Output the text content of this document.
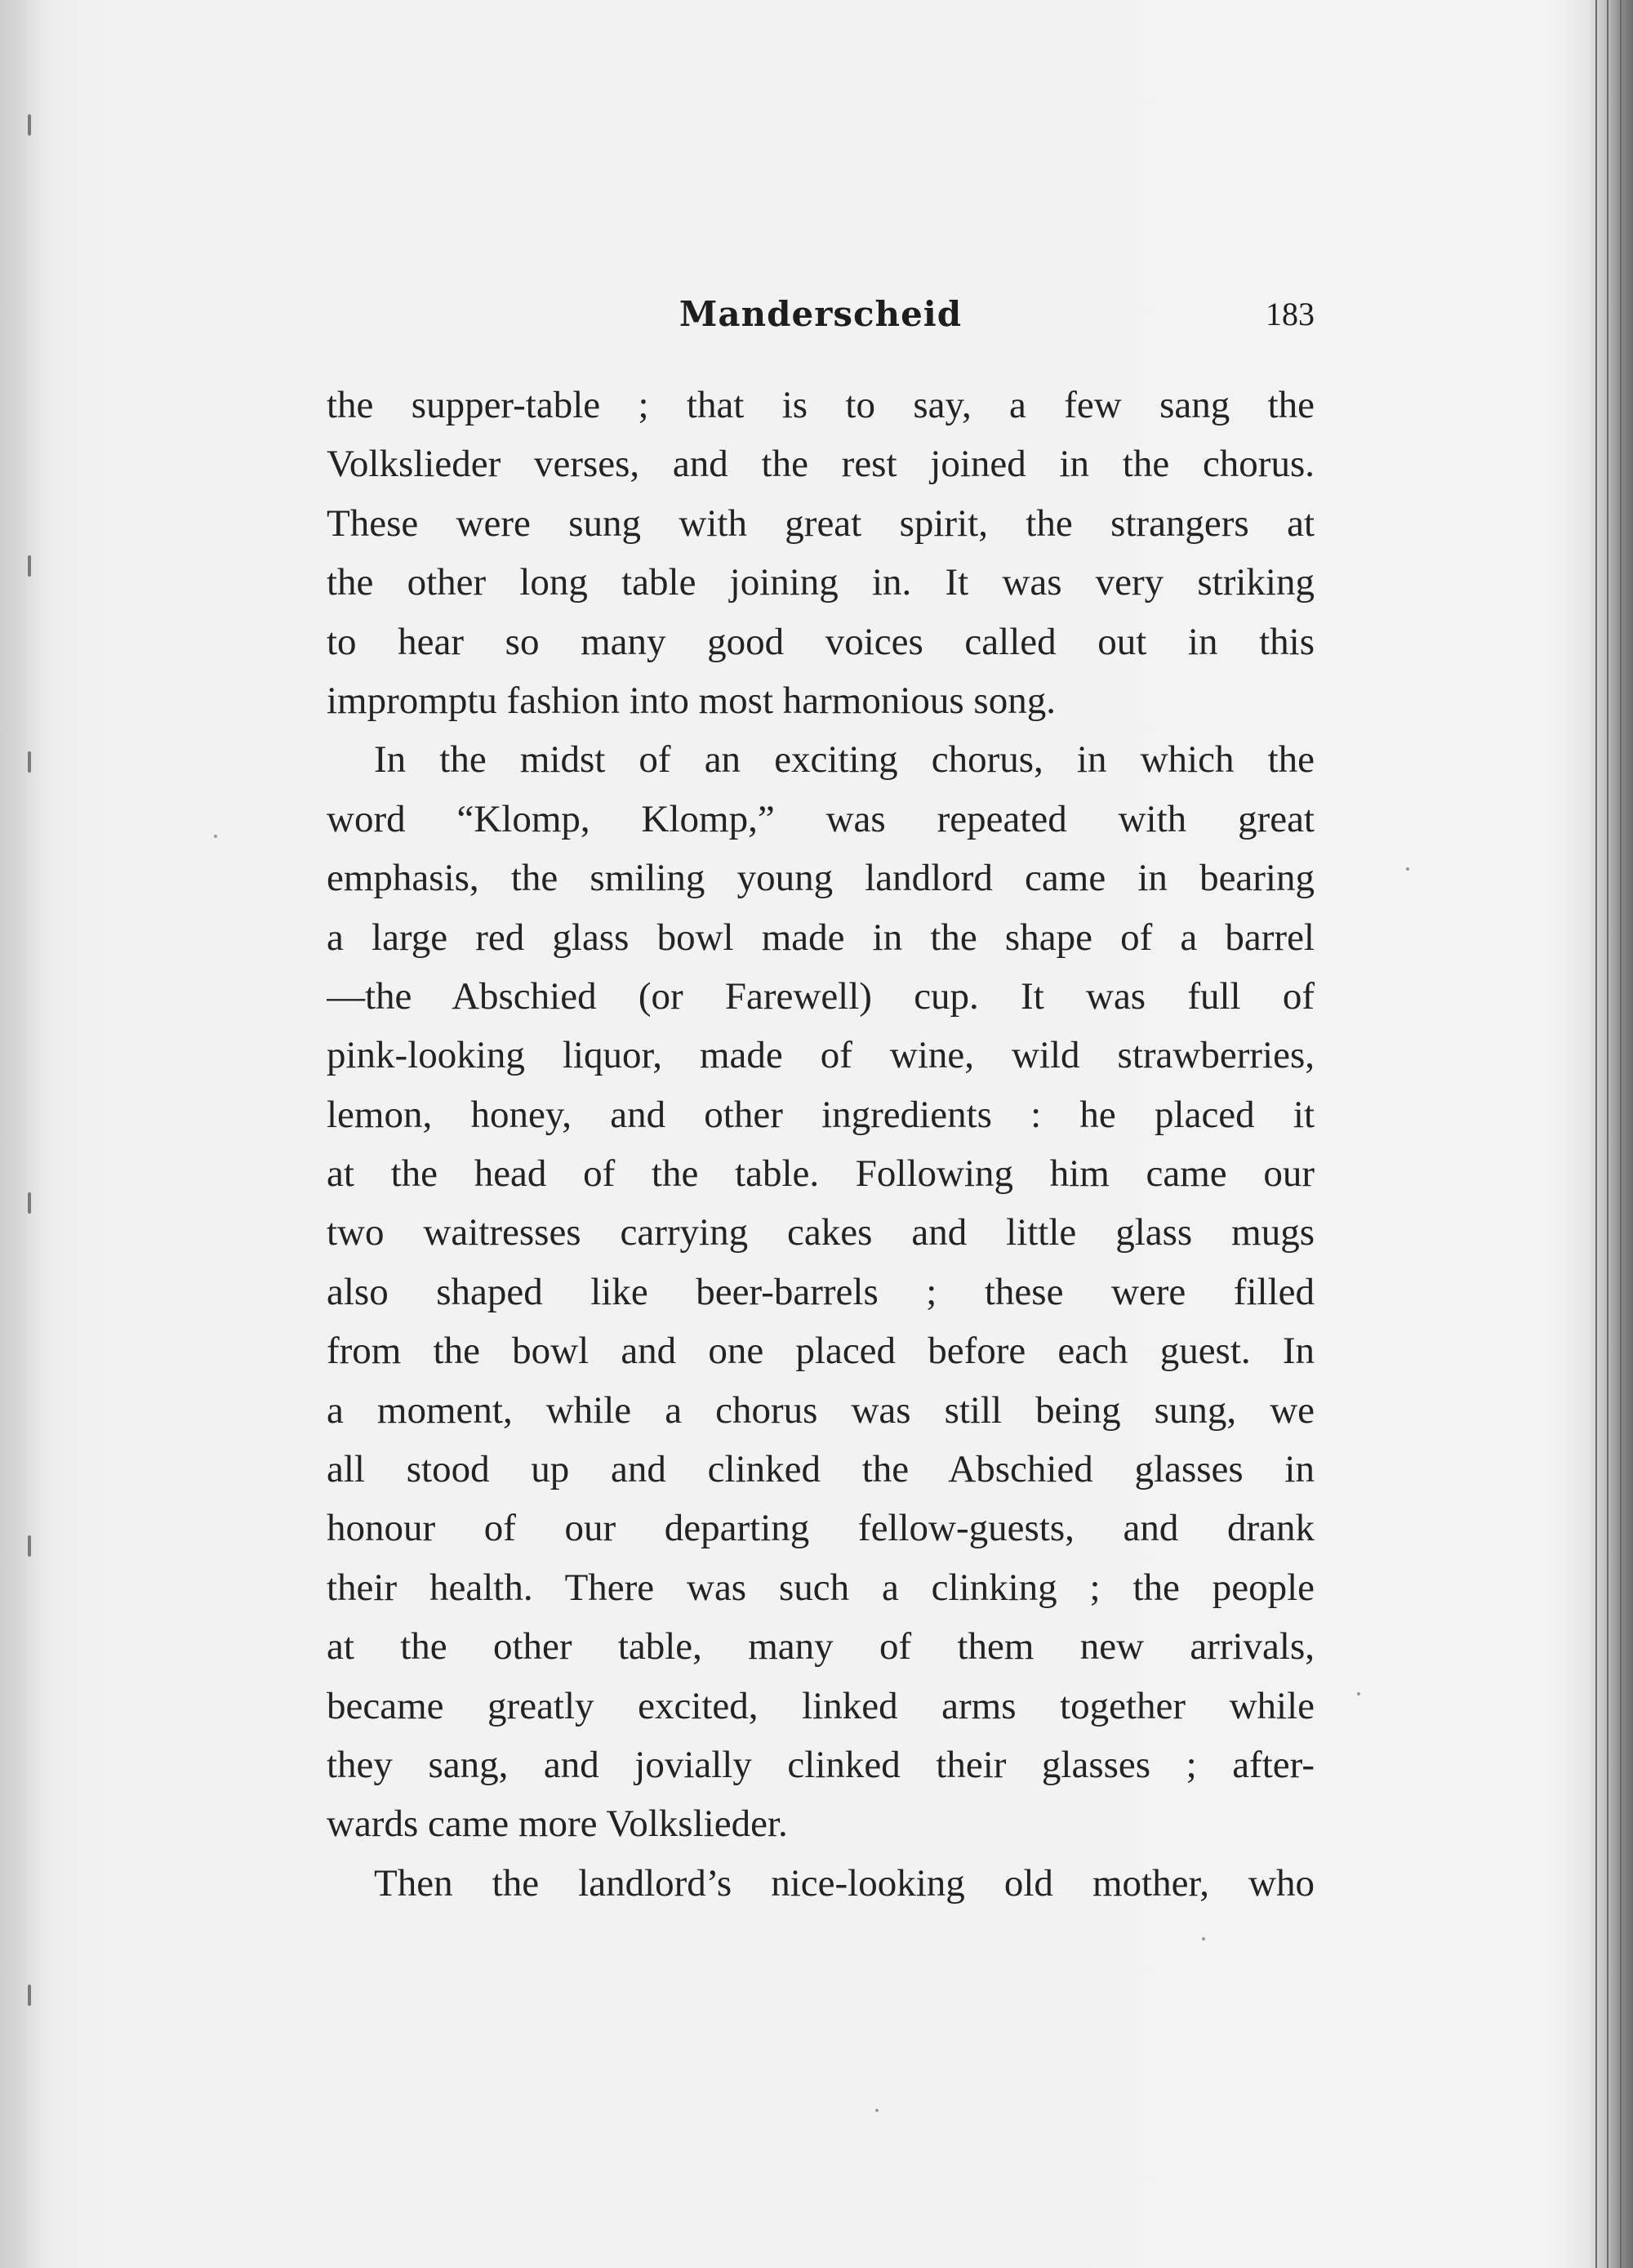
Manderscheid	183
the supper-table ; that is to say, a few sang the
Volkslieder verses, and the rest joined in the chorus.
These were sung with great spirit, the strangers at
the other long table joining in. It was very striking
to hear so many good voices called out in this
impromptu fashion into most harmonious song.
In the midst of an exciting chorus, in which the
word “Klomp, Klomp,” was repeated with great
emphasis, the smiling young landlord came in bearing
a large red glass bowl made in the shape of a barrel
—the Abschied (or Farewell) cup. It was full of
pink-looking liquor, made of wine, wild strawberries,
lemon, honey, and other ingredients : he placed it
at the head of the table. Following him came our
two waitresses carrying cakes and little glass mugs
also shaped like beer-barrels ; these were filled
from the bowl and one placed before each guest. In
a moment, while a chorus was still being sung, we
all stood up and clinked the Abschied glasses in
honour of our departing fellow-guests, and drank
their health. There was such a clinking ; the people
at the other table, many of them new arrivals,
became greatly excited, linked arms together while
they sang, and jovially clinked their glasses ; after-
wards came more Volkslieder.
Then the landlord’s nice-looking old mother, who
